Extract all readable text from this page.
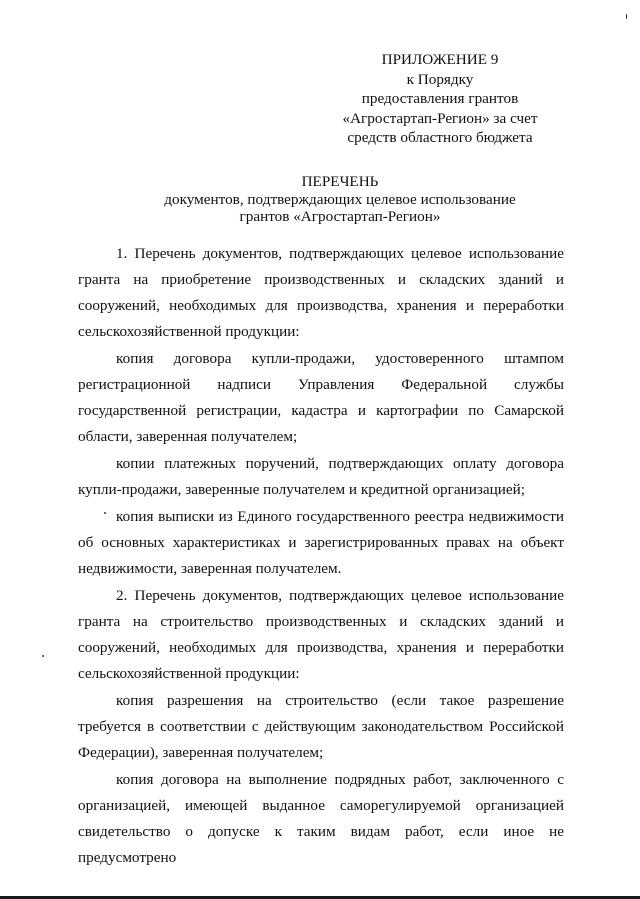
ПРИЛОЖЕНИЕ 9
к Порядку
предоставления грантов
«Агростартап-Регион» за счет
средств областного бюджета
ПЕРЕЧЕНЬ
документов, подтверждающих целевое использование
грантов «Агростартап-Регион»

1. Перечень документов, подтверждающих целевое использование гранта на приобретение производственных и складских зданий и сооружений, необходимых для производства, хранения и переработки сельскохозяйственной продукции:

копия договора купли-продажи, удостоверенного штампом регистрационной надписи Управления Федеральной службы государственной регистрации, кадастра и картографии по Самарской области, заверенная получателем;

копии платежных поручений, подтверждающих оплату договора купли-продажи, заверенные получателем и кредитной организацией;

копия выписки из Единого государственного реестра недвижимости об основных характеристиках и зарегистрированных правах на объект недвижимости, заверенная получателем.

2. Перечень документов, подтверждающих целевое использование гранта на строительство производственных и складских зданий и сооружений, необходимых для производства, хранения и переработки сельскохозяйственной продукции:

копия разрешения на строительство (если такое разрешение требуется в соответствии с действующим законодательством Российской Федерации), заверенная получателем;

копия договора на выполнение подрядных работ, заключенного с организацией, имеющей выданное саморегулируемой организацией свидетельство о допуске к таким видам работ, если иное не предусмотрено
